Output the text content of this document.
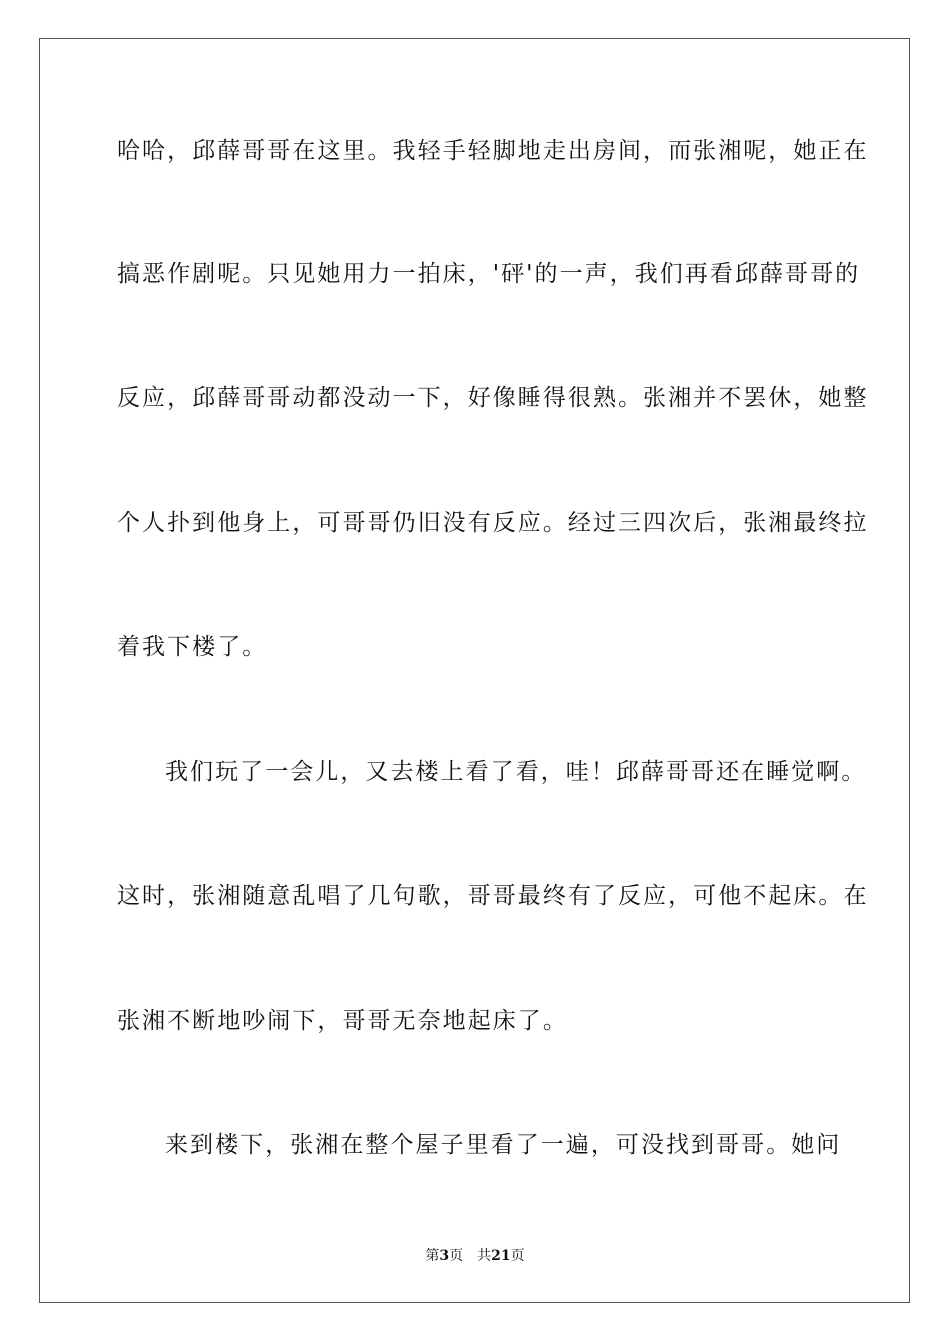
哈哈，邱薛哥哥在这里。我轻手轻脚地走出房间，而张湘呢，她正在
搞恶作剧呢。只见她用力一拍床，'砰'的一声，我们再看邱薛哥哥的
反应，邱薛哥哥动都没动一下，好像睡得很熟。张湘并不罢休，她整
个人扑到他身上，可哥哥仍旧没有反应。经过三四次后，张湘最终拉
着我下楼了。
我们玩了一会儿，又去楼上看了看，哇！邱薛哥哥还在睡觉啊。
这时，张湘随意乱唱了几句歌，哥哥最终有了反应，可他不起床。在
张湘不断地吵闹下，哥哥无奈地起床了。
来到楼下，张湘在整个屋子里看了一遍，可没找到哥哥。她问
第3页 共21页
